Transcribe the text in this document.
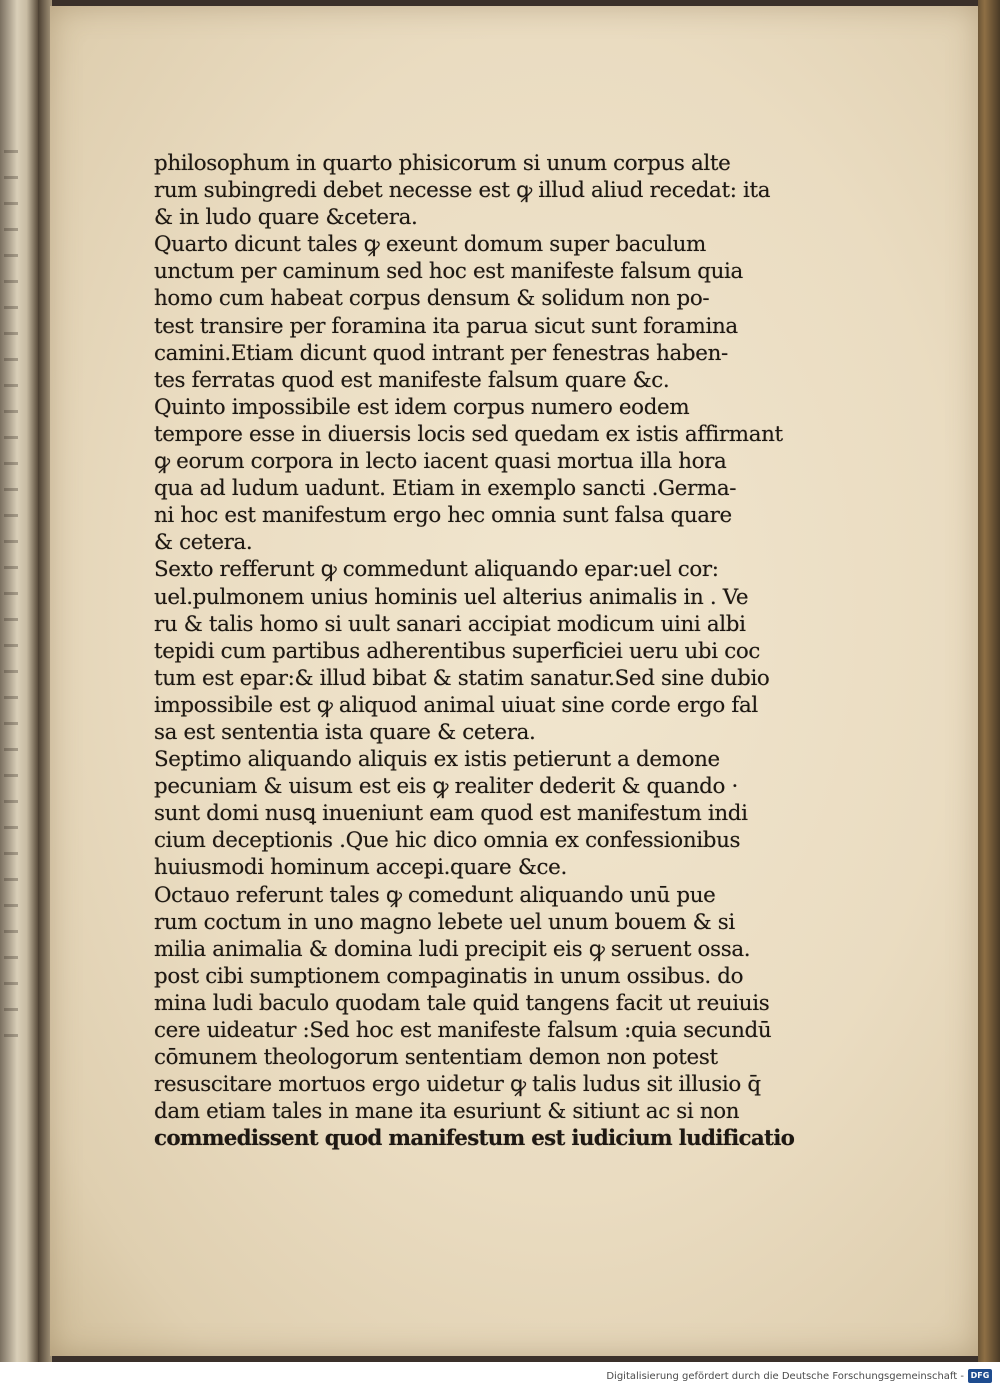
philosophum in quarto phisicorum si unum corpus alte
rum subingredi debet necesse est ꝙ illud aliud recedat: ita
& in ludo quare &cetera.
Quarto dicunt tales ꝙ exeunt domum super baculum
unctum per caminum sed hoc est manifeste falsum quia
homo cum habeat corpus densum & solidum non po-
test transire per foramina ita parua sicut sunt foramina
camini.Etiam dicunt quod intrant per fenestras haben-
tes ferratas quod est manifeste falsum quare &c.
Quinto impossibile est idem corpus numero eodem
tempore esse in diuersis locis sed quedam ex istis affirmant
ꝙ eorum corpora in lecto iacent quasi mortua illa hora
qua ad ludum uadunt. Etiam in exemplo sancti .Germa-
ni hoc est manifestum ergo hec omnia sunt falsa quare
& cetera.
Sexto refferunt ꝙ commedunt aliquando epar:uel cor:
uel.pulmonem unius hominis uel alterius animalis in . Ve
ru & talis homo si uult sanari accipiat modicum uini albi
tepidi cum partibus adherentibus superficiei ueru ubi coc
tum est epar:& illud bibat & statim sanatur.Sed sine dubio
impossibile est ꝙ aliquod animal uiuat sine corde ergo fal
sa est sententia ista quare & cetera.
Septimo aliquando aliquis ex istis petierunt a demone
pecuniam & uisum est eis ꝙ realiter dederit & quando ·
sunt domi nusꝗ inueniunt eam quod est manifestum indi
cium deceptionis .Que hic dico omnia ex confessionibus
huiusmodi hominum accepi.quare &ce.
Octauo referunt tales ꝙ comedunt aliquando unū pue
rum coctum in uno magno lebete uel unum bouem & si
milia animalia & domina ludi precipit eis ꝙ seruent ossa.
post cibi sumptionem compaginatis in unum ossibus. do
mina ludi baculo quodam tale quid tangens facit ut reuiuis
cere uideatur :Sed hoc est manifeste falsum :quia secundū
cōmunem theologorum sententiam demon non potest
resuscitare mortuos ergo uidetur ꝙ talis ludus sit illusio q̄
dam etiam tales in mane ita esuriunt & sitiunt ac si non
commedissent quod manifestum est iudicium ludificatio
Digitalisierung gefördert durch die Deutsche Forschungsgemeinschaft - DFG
